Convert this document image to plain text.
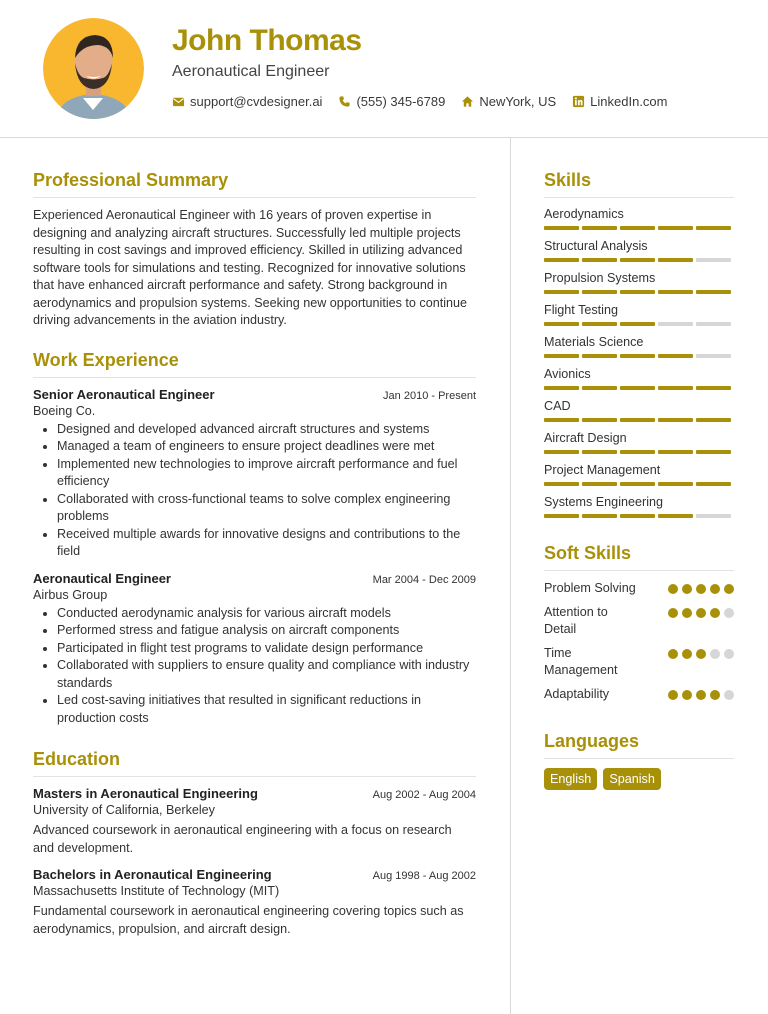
John Thomas
Aeronautical Engineer
support@cvdesigner.ai	(555) 345-6789	NewYork, US	LinkedIn.com
Professional Summary

Experienced Aeronautical Engineer with 16 years of proven expertise in designing and analyzing aircraft structures. Successfully led multiple projects resulting in cost savings and improved efficiency. Skilled in utilizing advanced software tools for simulations and testing. Recognized for innovative solutions that have enhanced aircraft performance and safety. Strong background in aerodynamics and propulsion systems. Seeking new opportunities to continue driving advancements in the aviation industry.

Work Experience
Senior Aeronautical Engineer	Jan 2010 - Present
Boeing Co.
Designed and developed advanced aircraft structures and systems
Managed a team of engineers to ensure project deadlines were met
Implemented new technologies to improve aircraft performance and fuel efficiency
Collaborated with cross-functional teams to solve complex engineering problems
Received multiple awards for innovative designs and contributions to the field
Aeronautical Engineer	Mar 2004 - Dec 2009
Airbus Group
Conducted aerodynamic analysis for various aircraft models
Performed stress and fatigue analysis on aircraft components
Participated in flight test programs to validate design performance
Collaborated with suppliers to ensure quality and compliance with industry standards
Led cost-saving initiatives that resulted in significant reductions in production costs
Education
Masters in Aeronautical Engineering	Aug 2002 - Aug 2004
University of California, Berkeley

Advanced coursework in aeronautical engineering with a focus on research and development.

Bachelors in Aeronautical Engineering	Aug 1998 - Aug 2002
Massachusetts Institute of Technology (MIT)

Fundamental coursework in aeronautical engineering covering topics such as aerodynamics, propulsion, and aircraft design.

Skills
Aerodynamics
Structural Analysis
Propulsion Systems
Flight Testing
Materials Science
Avionics
CAD
Aircraft Design
Project Management
Systems Engineering
Soft Skills
Problem Solving
Attention to Detail
Time Management
Adaptability
Languages
English	Spanish
